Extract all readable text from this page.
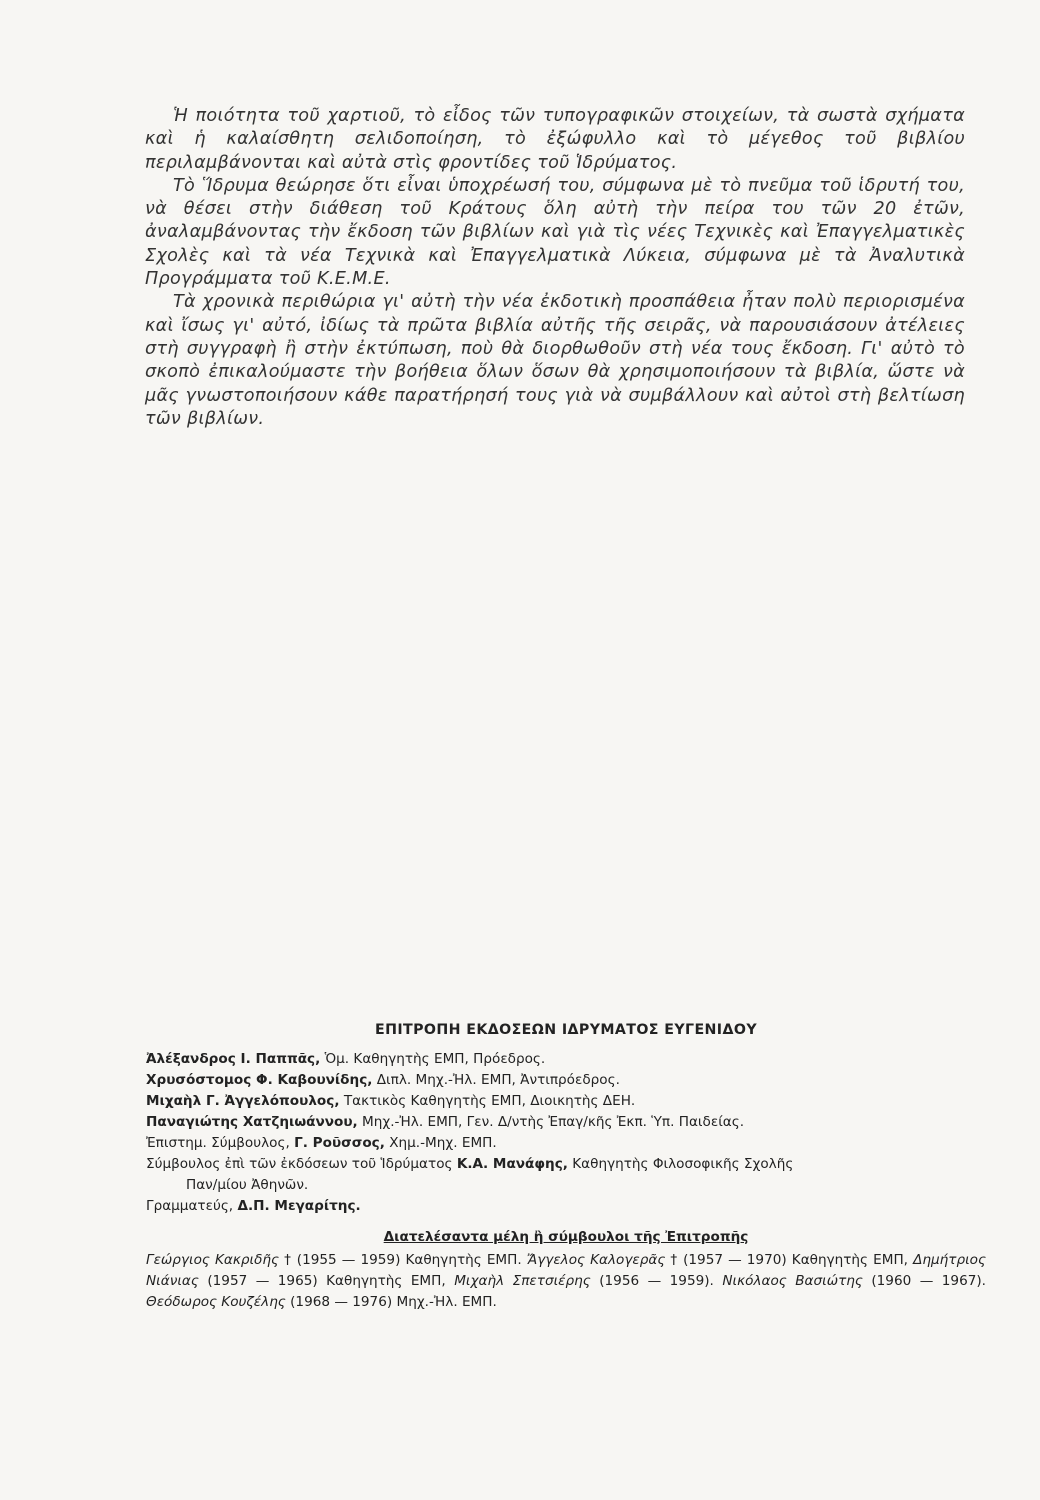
Ἡ ποιότητα τοῦ χαρτιοῦ, τὸ εἶδος τῶν τυπογραφικῶν στοιχείων, τὰ σωστὰ σχήματα καὶ ἡ καλαίσθητη σελιδοποίηση, τὸ ἐξώφυλλο καὶ τὸ μέγεθος τοῦ βιβλίου περιλαμβάνονται καὶ αὐτὰ στὶς φροντίδες τοῦ Ἱδρύματος.

Τὸ Ἵδρυμα θεώρησε ὅτι εἶναι ὑποχρέωσή του, σύμφωνα μὲ τὸ πνεῦμα τοῦ ἱδρυτή του, νὰ θέσει στὴν διάθεση τοῦ Κράτους ὅλη αὐτὴ τὴν πείρα του τῶν 20 ἐτῶν, ἀναλαμβάνοντας τὴν ἔκδοση τῶν βιβλίων καὶ γιὰ τὶς νέες Τεχνικὲς καὶ Ἐπαγγελματικὲς Σχολὲς καὶ τὰ νέα Τεχνικὰ καὶ Ἐπαγγελματικὰ Λύκεια, σύμφωνα μὲ τὰ Ἀναλυτικὰ Προγράμματα τοῦ Κ.Ε.Μ.Ε.

Τὰ χρονικὰ περιθώρια γι' αὐτὴ τὴν νέα ἐκδοτικὴ προσπάθεια ἦταν πολὺ περιορισμένα καὶ ἴσως γι' αὐτό, ἰδίως τὰ πρῶτα βιβλία αὐτῆς τῆς σειρᾶς, νὰ παρουσιάσουν ἀτέλειες στὴ συγγραφὴ ἢ στὴν ἐκτύπωση, ποὺ θὰ διορθωθοῦν στὴ νέα τους ἔκδοση. Γι' αὐτὸ τὸ σκοπὸ ἐπικαλούμαστε τὴν βοήθεια ὅλων ὅσων θὰ χρησιμοποιήσουν τὰ βιβλία, ὥστε νὰ μᾶς γνωστοποιήσουν κάθε παρατήρησή τους γιὰ νὰ συμβάλλουν καὶ αὐτοὶ στὴ βελτίωση τῶν βιβλίων.

ΕΠΙΤΡΟΠΗ ΕΚΔΟΣΕΩΝ ΙΔΡΥΜΑΤΟΣ ΕΥΓΕΝΙΔΟΥ
Ἀλέξανδρος Ι. Παππᾶς, Ὁμ. Καθηγητὴς ΕΜΠ, Πρόεδρος.
Χρυσόστομος Φ. Καβουνίδης, Διπλ. Μηχ.-Ἠλ. ΕΜΠ, Ἀντιπρόεδρος.
Μιχαὴλ Γ. Ἀγγελόπουλος, Τακτικὸς Καθηγητὴς ΕΜΠ, Διοικητὴς ΔΕΗ.
Παναγιώτης Χατζηιωάννου, Μηχ.-Ἠλ. ΕΜΠ, Γεν. Δ/ντὴς Ἐπαγ/κῆς Ἐκπ. Ὑπ. Παιδείας.
Ἐπιστημ. Σύμβουλος, Γ. Ροῦσσος, Χημ.-Μηχ. ΕΜΠ.
Σύμβουλος ἐπὶ τῶν ἐκδόσεων τοῦ Ἱδρύματος Κ.Α. Μανάφης, Καθηγητὴς Φιλοσοφικῆς Σχολῆς
Παν/μίου Ἀθηνῶν.
Γραμματεύς, Δ.Π. Μεγαρίτης.
Διατελέσαντα μέλη ἢ σύμβουλοι τῆς Ἐπιτροπῆς
Γεώργιος Κακριδῆς † (1955 — 1959) Καθηγητὴς ΕΜΠ. Ἄγγελος Καλογερᾶς † (1957 — 1970) Καθηγητὴς ΕΜΠ, Δημήτριος Νιάνιας (1957 — 1965) Καθηγητὴς ΕΜΠ, Μιχαὴλ Σπετσιέρης (1956 — 1959). Νικόλαος Βασιώτης (1960 — 1967). Θεόδωρος Κουζέλης (1968 — 1976) Μηχ.-Ἠλ. ΕΜΠ.
